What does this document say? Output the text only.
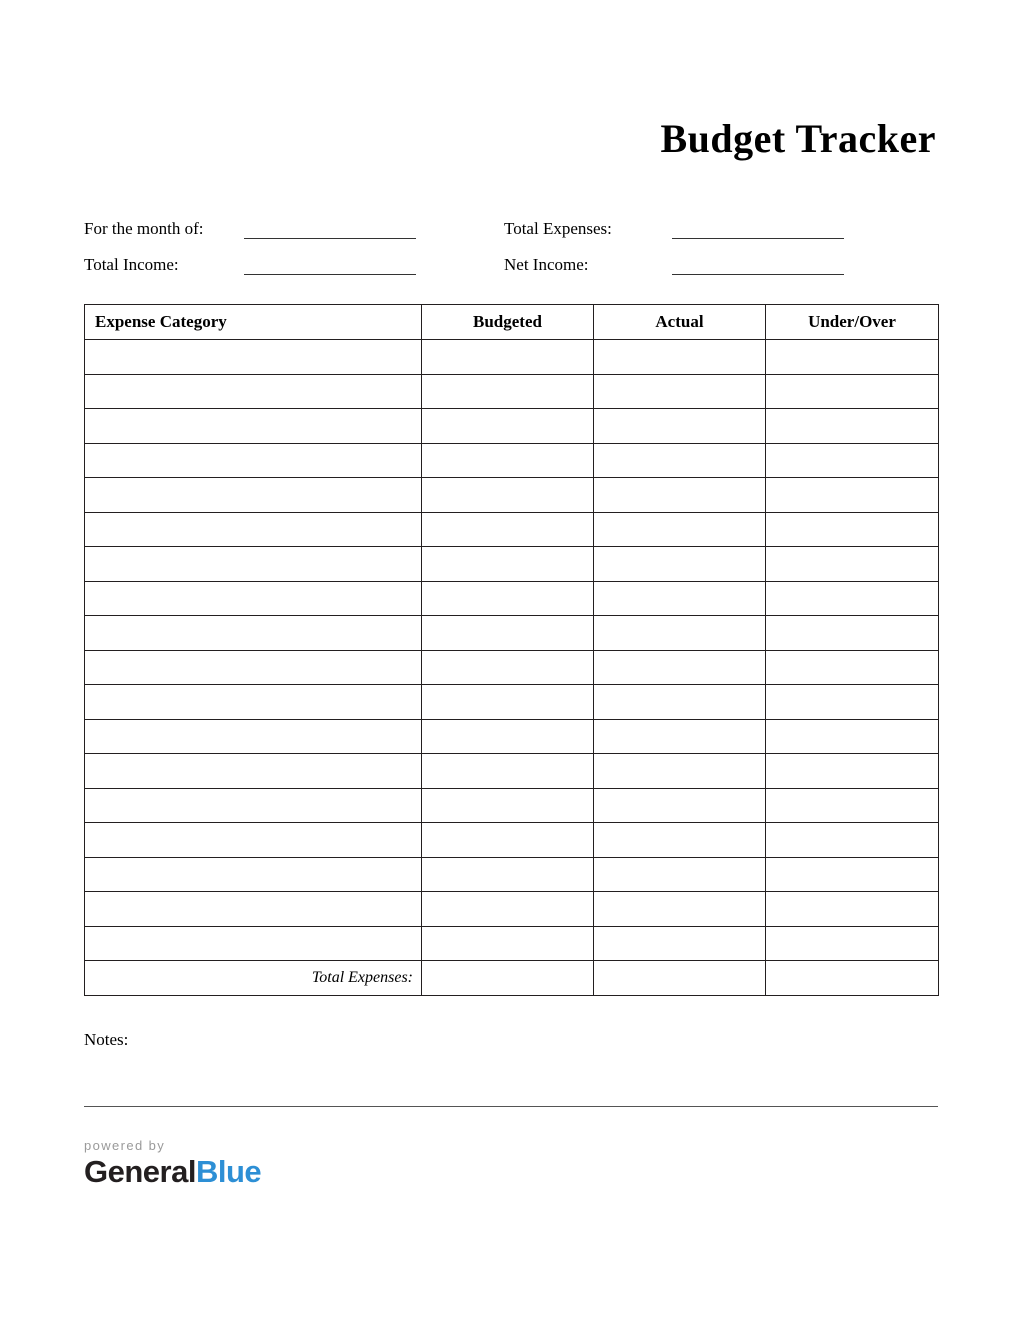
Budget Tracker
For the month of:	Total Expenses:
Total Income:	Net Income:
Expense Category	Budgeted	Actual	Under/Over

Total Expenses:			
Notes:
powered by
GeneralBlue
